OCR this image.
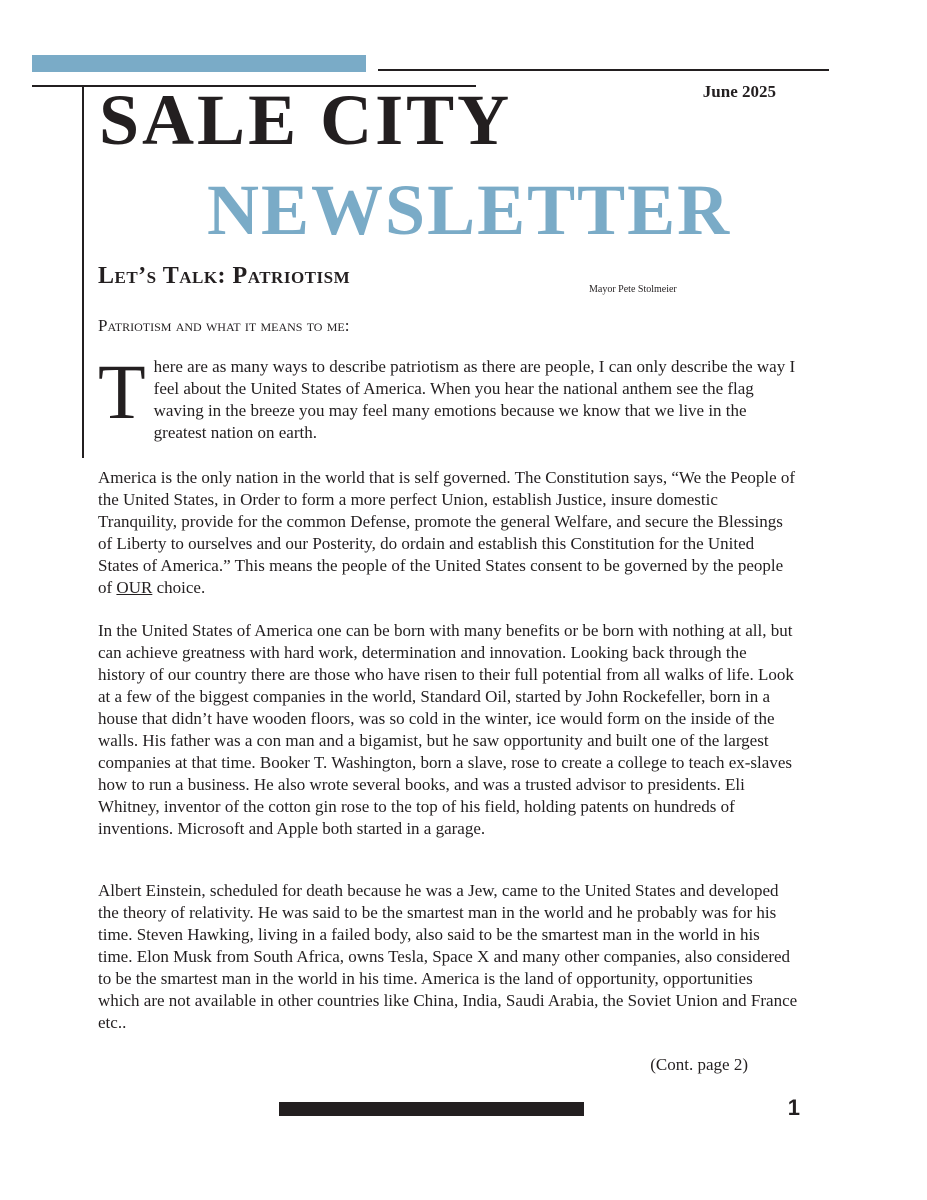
June 2025
SALE CITY
NEWSLETTER
Let’s Talk: Patriotism
Mayor Pete Stolmeier
Patriotism and what it means to me:

There are as many ways to describe patriotism as there are people, I can only describe the way I feel about the United States of America. When you hear the national anthem see the flag waving in the breeze you may feel many emotions because we know that we live in the greatest nation on earth.

America is the only nation in the world that is self governed. The Constitution says, “We the People of the United States, in Order to form a more perfect Union, establish Justice, insure domestic Tranquility, provide for the common Defense, promote the general Welfare, and secure the Blessings of Liberty to ourselves and our Posterity, do ordain and establish this Constitution for the United States of America.” This means the people of the United States consent to be governed by the people of OUR choice.

In the United States of America one can be born with many benefits or be born with nothing at all, but can achieve greatness with hard work, determination and innovation. Looking back through the history of our country there are those who have risen to their full potential from all walks of life. Look at a few of the biggest companies in the world, Standard Oil, started by John Rockefeller, born in a house that didn’t have wooden floors, was so cold in the winter, ice would form on the inside of the walls. His father was a con man and a bigamist, but he saw opportunity and built one of the largest companies at that time. Booker T. Washington, born a slave, rose to create a college to teach ex-slaves how to run a business. He also wrote several books, and was a trusted advisor to presidents. Eli Whitney, inventor of the cotton gin rose to the top of his field, holding patents on hundreds of inventions. Microsoft and Apple both started in a garage.

Albert Einstein, scheduled for death because he was a Jew, came to the United States and developed the theory of relativity. He was said to be the smartest man in the world and he probably was for his time. Steven Hawking, living in a failed body, also said to be the smartest man in the world in his time. Elon Musk from South Africa, owns Tesla, Space X and many other companies, also considered to be the smartest man in the world in his time. America is the land of opportunity, opportunities which are not available in other countries like China, India, Saudi Arabia, the Soviet Union and France etc..

(Cont. page 2)
1
